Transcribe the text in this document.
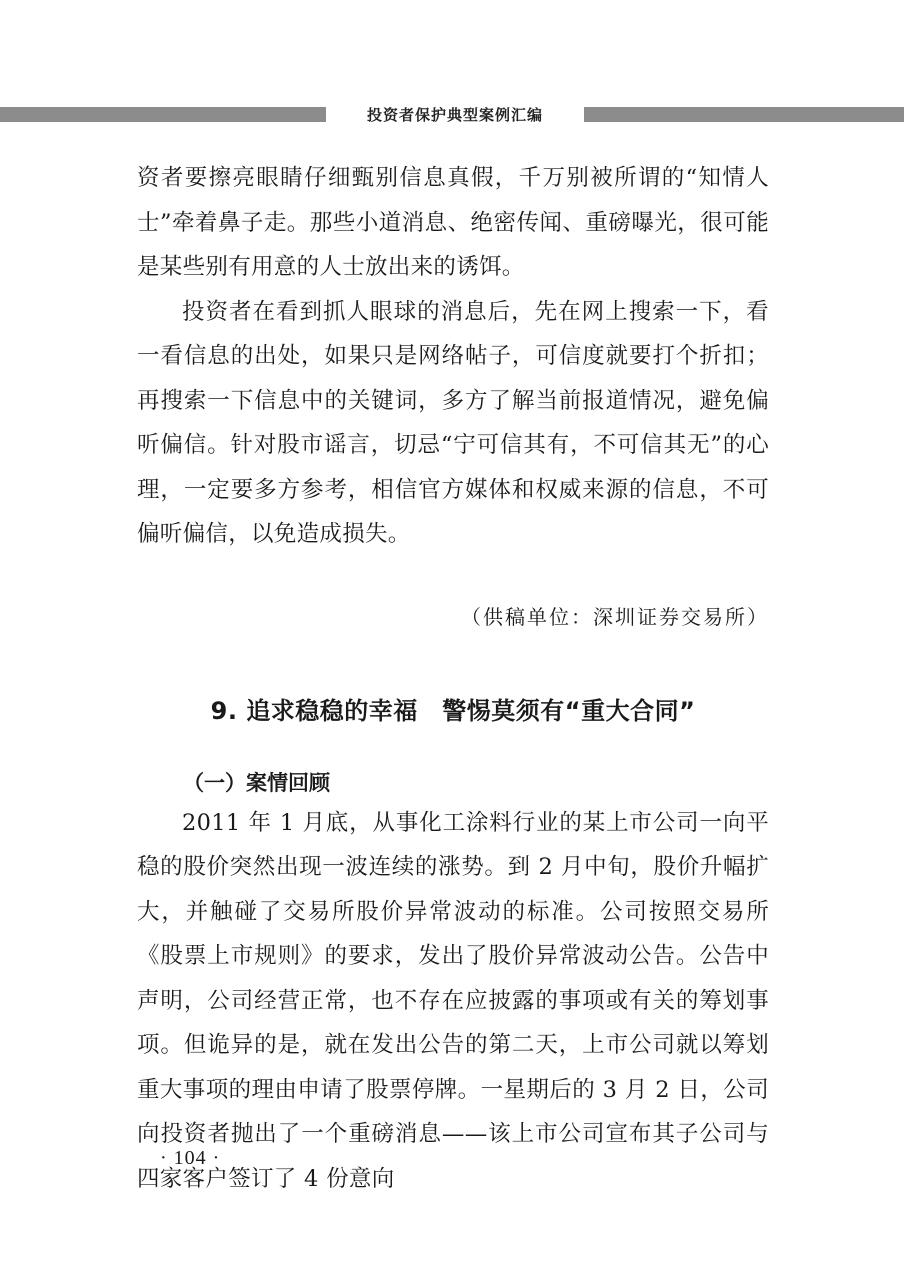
投资者保护典型案例汇编

资者要擦亮眼睛仔细甄别信息真假，千万别被所谓的“知情人士”牵着鼻子走。那些小道消息、绝密传闻、重磅曝光，很可能是某些别有用意的人士放出来的诱饵。

投资者在看到抓人眼球的消息后，先在网上搜索一下，看一看信息的出处，如果只是网络帖子，可信度就要打个折扣；再搜索一下信息中的关键词，多方了解当前报道情况，避免偏听偏信。针对股市谣言，切忌“宁可信其有，不可信其无”的心理，一定要多方参考，相信官方媒体和权威来源的信息，不可偏听偏信，以免造成损失。

（供稿单位：深圳证券交易所）

9. 追求稳稳的幸福　警惕莫须有“重大合同”
（一）案情回顾

2011 年 1 月底，从事化工涂料行业的某上市公司一向平稳的股价突然出现一波连续的涨势。到 2 月中旬，股价升幅扩大，并触碰了交易所股价异常波动的标准。公司按照交易所《股票上市规则》的要求，发出了股价异常波动公告。公告中声明，公司经营正常，也不存在应披露的事项或有关的筹划事项。但诡异的是，就在发出公告的第二天，上市公司就以筹划重大事项的理由申请了股票停牌。一星期后的 3 月 2 日，公司向投资者抛出了一个重磅消息——该上市公司宣布其子公司与四家客户签订了 4 份意向

· 104 ·
